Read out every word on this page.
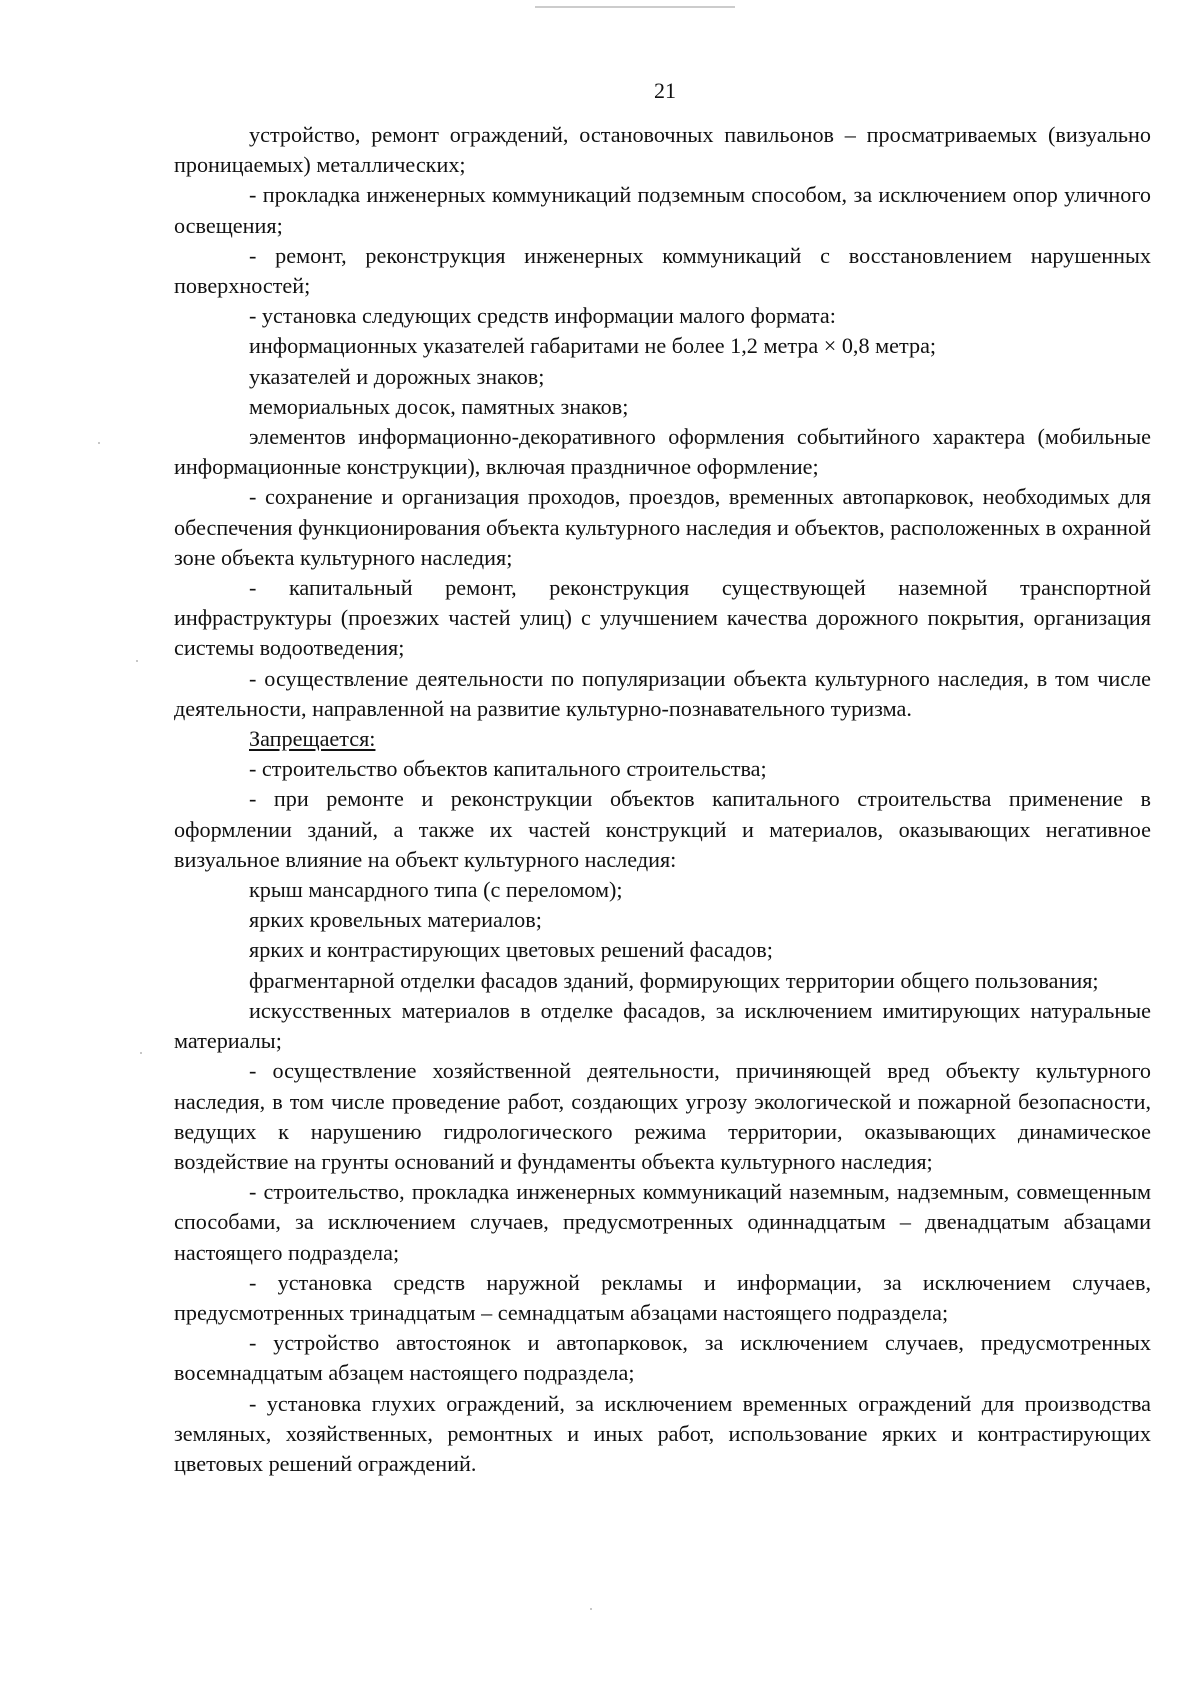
21

устройство, ремонт ограждений, остановочных павильонов – просматриваемых (визуально проницаемых) металлических;

- прокладка инженерных коммуникаций подземным способом, за исключением опор уличного освещения;

- ремонт, реконструкция инженерных коммуникаций с восстановлением нарушенных поверхностей;

- установка следующих средств информации малого формата:

информационных указателей габаритами не более 1,2 метра × 0,8 метра;

указателей и дорожных знаков;

мемориальных досок, памятных знаков;

элементов информационно-декоративного оформления событийного характера (мобильные информационные конструкции), включая праздничное оформление;

- сохранение и организация проходов, проездов, временных автопарковок, необходимых для обеспечения функционирования объекта культурного наследия и объектов, расположенных в охранной зоне объекта культурного наследия;

- капитальный ремонт, реконструкция существующей наземной транспортной инфраструктуры (проезжих частей улиц) с улучшением качества дорожного покрытия, организация системы водоотведения;

- осуществление деятельности по популяризации объекта культурного наследия, в том числе деятельности, направленной на развитие культурно-познавательного туризма.

Запрещается:

- строительство объектов капитального строительства;

- при ремонте и реконструкции объектов капитального строительства применение в оформлении зданий, а также их частей конструкций и материалов, оказывающих негативное визуальное влияние на объект культурного наследия:

крыш мансардного типа (с переломом);

ярких кровельных материалов;

ярких и контрастирующих цветовых решений фасадов;

фрагментарной отделки фасадов зданий, формирующих территории общего пользования;

искусственных материалов в отделке фасадов, за исключением имитирующих натуральные материалы;

- осуществление хозяйственной деятельности, причиняющей вред объекту культурного наследия, в том числе проведение работ, создающих угрозу экологической и пожарной безопасности, ведущих к нарушению гидрологического режима территории, оказывающих динамическое воздействие на грунты оснований и фундаменты объекта культурного наследия;

- строительство, прокладка инженерных коммуникаций наземным, надземным, совмещенным способами, за исключением случаев, предусмотренных одиннадцатым – двенадцатым абзацами настоящего подраздела;

- установка средств наружной рекламы и информации, за исключением случаев, предусмотренных тринадцатым – семнадцатым абзацами настоящего подраздела;

- устройство автостоянок и автопарковок, за исключением случаев, предусмотренных восемнадцатым абзацем настоящего подраздела;

- установка глухих ограждений, за исключением временных ограждений для производства земляных, хозяйственных, ремонтных и иных работ, использование ярких и контрастирующих цветовых решений ограждений.
